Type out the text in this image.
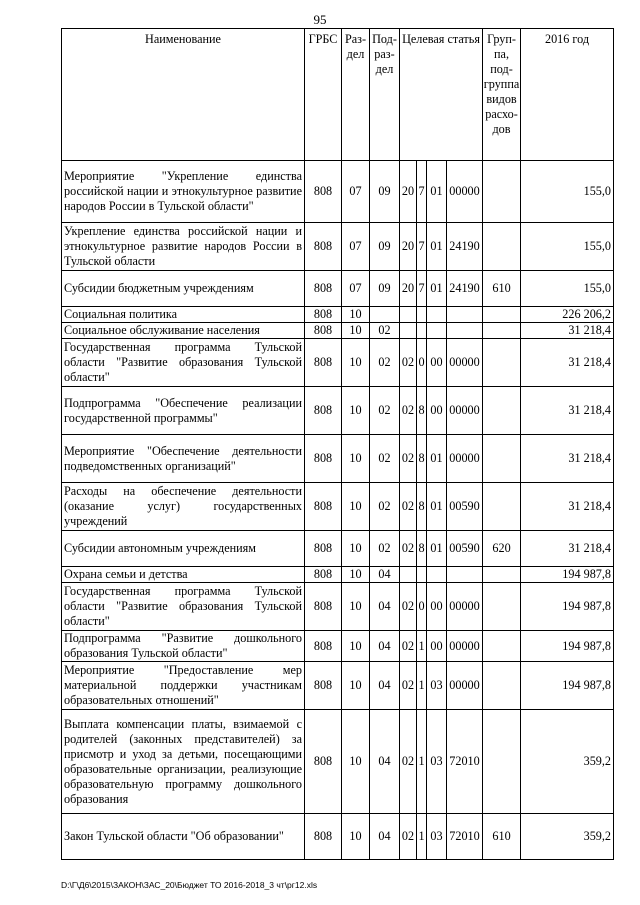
95
Наименование	ГРБС	Раз-дел	Под-раз-дел	Целевая статья				Груп-па, под-группа видов расхо-дов	2016 год
Мероприятие "Укрепление единства российской нации и этнокультурное развитие народов России в Тульской области"	808	07	09	20	7	01	00000		155,0
Укрепление единства российской нации и этнокультурное развитие народов России в Тульской области	808	07	09	20	7	01	24190		155,0
Субсидии бюджетным учреждениям	808	07	09	20	7	01	24190	610	155,0
Социальная политика	808	10							226 206,2
Социальное обслуживание населения	808	10	02						31 218,4
Государственная программа Тульской области "Развитие образования Тульской области"	808	10	02	02	0	00	00000		31 218,4
Подпрограмма "Обеспечение реализации государственной программы"	808	10	02	02	8	00	00000		31 218,4
Мероприятие "Обеспечение деятельности подведомственных организаций"	808	10	02	02	8	01	00000		31 218,4
Расходы на обеспечение деятельности (оказание услуг) государственных учреждений	808	10	02	02	8	01	00590		31 218,4
Субсидии автономным учреждениям	808	10	02	02	8	01	00590	620	31 218,4
Охрана семьи и детства	808	10	04						194 987,8
Государственная программа Тульской области "Развитие образования Тульской области"	808	10	04	02	0	00	00000		194 987,8
Подпрограмма "Развитие дошкольного образования Тульской области"	808	10	04	02	1	00	00000		194 987,8
Мероприятие "Предоставление мер материальной поддержки участникам образовательных отношений"	808	10	04	02	1	03	00000		194 987,8
Выплата компенсации платы, взимаемой с родителей (законных представителей) за присмотр и уход за детьми, посещающими образовательные организации, реализующие образовательную программу дошкольного образования	808	10	04	02	1	03	72010		359,2
Закон Тульской области "Об образовании"	808	10	04	02	1	03	72010	610	359,2
D:\Г\Д6\2015\ЗАКОН\ЗАС_20\Бюджет ТО 2016-2018_3 чт\рг12.xls
